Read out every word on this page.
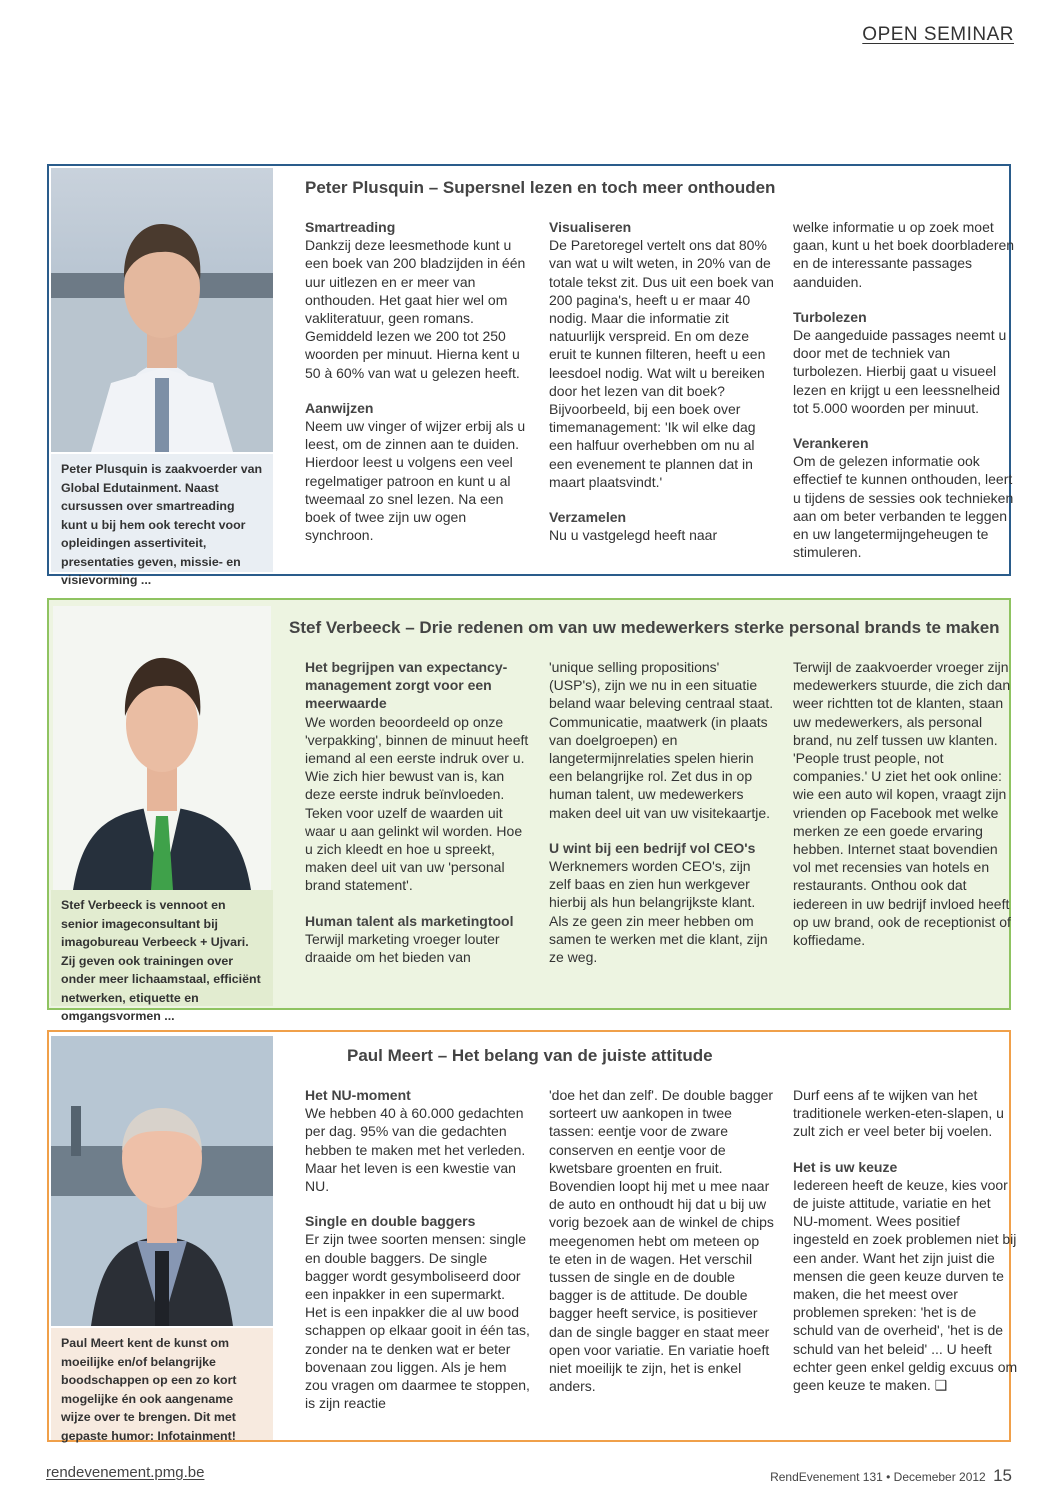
OPEN SEMINAR
Peter Plusquin is zaakvoerder van Global Edutainment. Naast cursussen over smartreading kunt u bij hem ook terecht voor opleidingen assertiviteit, presentaties geven, missie- en visievorming ...
Peter Plusquin – Supersnel lezen en toch meer onthouden
Smartreading

Dankzij deze leesmethode kunt u een boek van 200 bladzijden in één uur uitlezen en er meer van onthouden. Het gaat hier wel om vakliteratuur, geen romans. Gemiddeld lezen we 200 tot 250 woorden per minuut. Hierna kent u 50 à 60% van wat u gelezen heeft.

Aanwijzen

Neem uw vinger of wijzer erbij als u leest, om de zinnen aan te duiden. Hierdoor leest u volgens een veel regelmatiger patroon en kunt u al tweemaal zo snel lezen. Na een boek of twee zijn uw ogen synchroon.

Visualiseren

De Paretoregel vertelt ons dat 80% van wat u wilt weten, in 20% van de totale tekst zit. Dus uit een boek van 200 pagina's, heeft u er maar 40 nodig. Maar die informatie zit natuurlijk verspreid. En om deze eruit te kunnen filteren, heeft u een leesdoel nodig. Wat wilt u bereiken door het lezen van dit boek? Bijvoorbeeld, bij een boek over timemanagement: 'Ik wil elke dag een halfuur overhebben om nu al een evenement te plannen dat in maart plaatsvindt.'

Verzamelen

Nu u vastgelegd heeft naar

welke informatie u op zoek moet gaan, kunt u het boek doorbladeren en de interessante passages aanduiden.

Turbolezen

De aangeduide passages neemt u door met de techniek van turbolezen. Hierbij gaat u visueel lezen en krijgt u een leessnelheid tot 5.000 woorden per minuut.

Verankeren

Om de gelezen informatie ook effectief te kunnen onthouden, leert u tijdens de sessies ook technieken aan om beter verbanden te leggen en uw langetermijngeheugen te stimuleren.

Stef Verbeeck is vennoot en senior imageconsultant bij imagobureau Verbeeck + Ujvari. Zij geven ook trainingen over onder meer lichaamstaal, efficiënt netwerken, etiquette en omgangsvormen ...
Stef Verbeeck – Drie redenen om van uw medewerkers sterke personal brands te maken
Het begrijpen van expectancy-management zorgt voor een meerwaarde

We worden beoordeeld op onze 'verpakking', binnen de minuut heeft iemand al een eerste indruk over u. Wie zich hier bewust van is, kan deze eerste indruk beïnvloeden. Teken voor uzelf de waarden uit waar u aan gelinkt wil worden. Hoe u zich kleedt en hoe u spreekt, maken deel uit van uw 'personal brand statement'.

Human talent als marketingtool

Terwijl marketing vroeger louter draaide om het bieden van

'unique selling propositions' (USP's), zijn we nu in een situatie beland waar beleving centraal staat. Communicatie, maatwerk (in plaats van doelgroepen) en langetermijnrelaties spelen hierin een belangrijke rol. Zet dus in op human talent, uw medewerkers maken deel uit van uw visitekaartje.

U wint bij een bedrijf vol CEO's

Werknemers worden CEO's, zijn zelf baas en zien hun werkgever hierbij als hun belangrijkste klant. Als ze geen zin meer hebben om samen te werken met die klant, zijn ze weg.

Terwijl de zaakvoerder vroeger zijn medewerkers stuurde, die zich dan weer richtten tot de klanten, staan uw medewerkers, als personal brand, nu zelf tussen uw klanten. 'People trust people, not companies.' U ziet het ook online: wie een auto wil kopen, vraagt zijn vrienden op Facebook met welke merken ze een goede ervaring hebben. Internet staat bovendien vol met recensies van hotels en restaurants. Onthou ook dat iedereen in uw bedrijf invloed heeft op uw brand, ook de receptionist of koffiedame.

Paul Meert kent de kunst om moeilijke en/of belangrijke boodschappen op een zo kort mogelijke én ook aangename wijze over te brengen. Dit met gepaste humor: Infotainment!
Paul Meert – Het belang van de juiste attitude
Het NU-moment

We hebben 40 à 60.000 gedachten per dag. 95% van die gedachten hebben te maken met het verleden. Maar het leven is een kwestie van NU.

Single en double baggers

Er zijn twee soorten mensen: single en double baggers. De single bagger wordt gesymboliseerd door een inpakker in een supermarkt. Het is een inpakker die al uw bood schappen op elkaar gooit in één tas, zonder na te denken wat er beter bovenaan zou liggen. Als je hem zou vragen om daarmee te stoppen, is zijn reactie

'doe het dan zelf'. De double bagger sorteert uw aankopen in twee tassen: eentje voor de zware conserven en eentje voor de kwetsbare groenten en fruit. Bovendien loopt hij met u mee naar de auto en onthoudt hij dat u bij uw vorig bezoek aan de winkel de chips meegenomen hebt om meteen op te eten in de wagen. Het verschil tussen de single en de double bagger is de attitude. De double bagger heeft service, is positiever dan de single bagger en staat meer open voor variatie. En variatie hoeft niet moeilijk te zijn, het is enkel anders.

Durf eens af te wijken van het traditionele werken-eten-slapen, u zult zich er veel beter bij voelen.

Het is uw keuze

Iedereen heeft de keuze, kies voor de juiste attitude, variatie en het NU-moment. Wees positief ingesteld en zoek problemen niet bij een ander. Want het zijn juist die mensen die geen keuze durven te maken, die het meest over problemen spreken: 'het is de schuld van de overheid', 'het is de schuld van het beleid' ... U heeft echter geen enkel geldig excuus om geen keuze te maken. ❑

rendevenement.pmg.be	RendEvenement 131 • Decemeber 2012 15
